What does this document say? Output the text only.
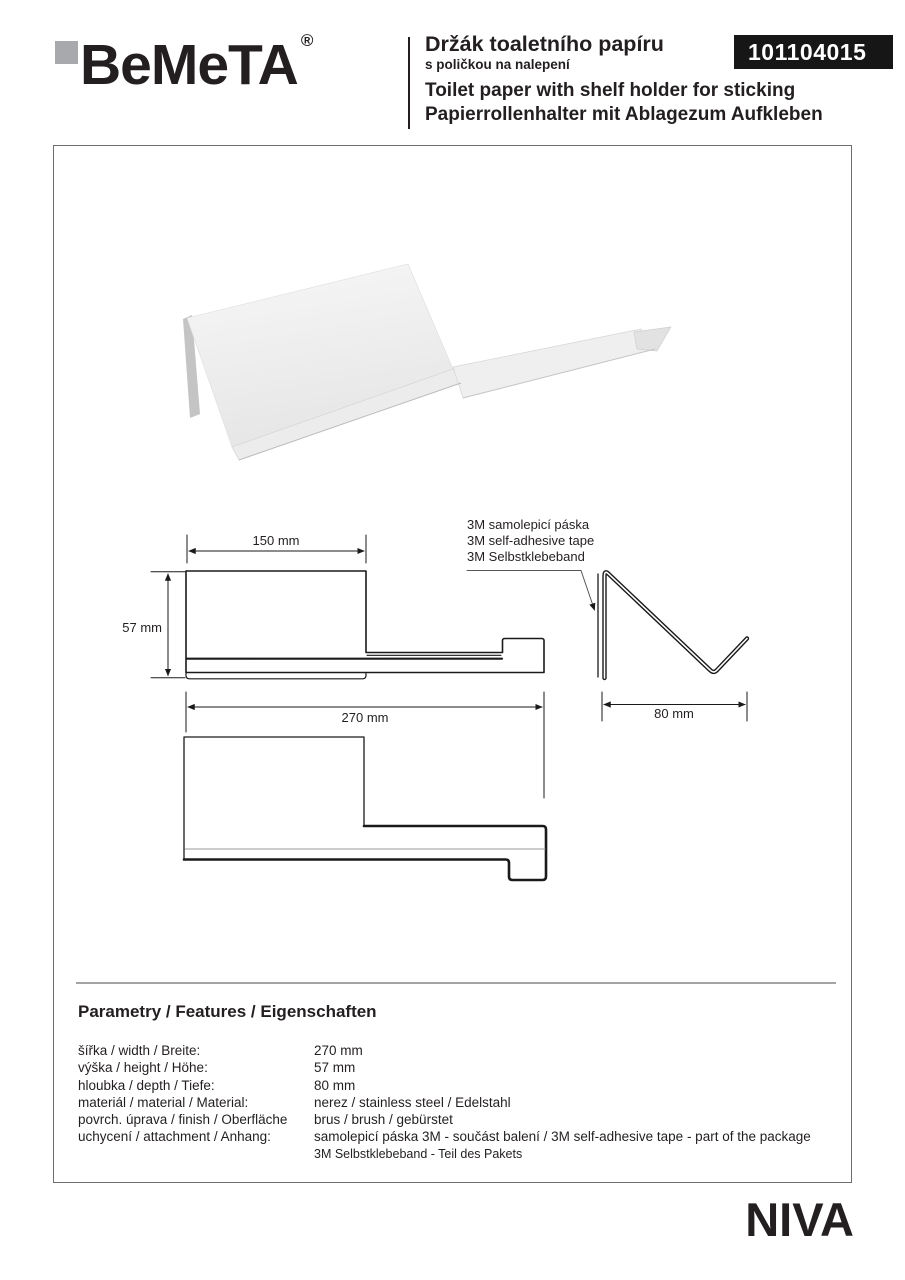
BeMeTA ®	Držák toaletního papíru
s poličkou na nalepení
Toilet paper with shelf holder for sticking
Papierrollenhalter mit Ablagezum Aufkleben
101104015
150 mm
57 mm
3M samolepicí páska
3M self-adhesive tape
3M Selbstklebeband
80 mm
270 mm
Parametry / Features / Eigenschaften
šířka / width / Breite:	270 mm
výška / height / Höhe:	57 mm
hloubka / depth / Tiefe:	80 mm
materiál / material / Material:	nerez / stainless steel / Edelstahl
povrch. úprava / finish / Oberfläche	brus / brush / gebürstet
uchycení / attachment / Anhang:	samolepicí páska 3M - součást balení / 3M self-adhesive tape - part of the package
3M Selbstklebeband - Teil des Pakets
NIVA
